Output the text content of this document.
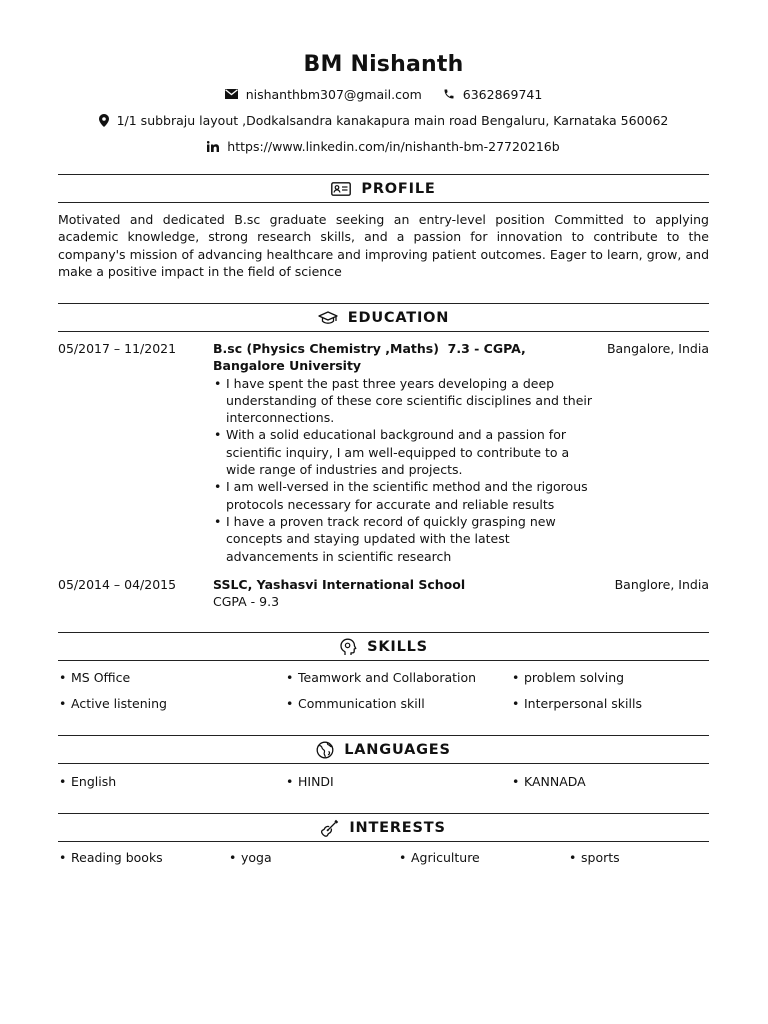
BM Nishanth
nishanthbm307@gmail.com	6362869741
1/1 subbraju layout ,Dodkalsandra kanakapura main road Bengaluru, Karnataka 560062
https://www.linkedin.com/in/nishanth-bm-27720216b
PROFILE
Motivated and dedicated B.sc graduate seeking an entry-level position Committed to applying academic knowledge, strong research skills, and a passion for innovation to contribute to the company's mission of advancing healthcare and improving patient outcomes. Eager to learn, grow, and make a positive impact in the field of science
EDUCATION
05/2017 – 11/2021	B.sc (Physics Chemistry ,Maths)  7.3 - CGPA,
Bangalore University
• I have spent the past three years developing a deep understanding of these core scientific disciplines and their interconnections.
• With a solid educational background and a passion for scientific inquiry, I am well-equipped to contribute to a wide range of industries and projects.
• I am well-versed in the scientific method and the rigorous protocols necessary for accurate and reliable results
• I have a proven track record of quickly grasping new concepts and staying updated with the latest advancements in scientific research
Bangalore, India
05/2014 – 04/2015	SSLC, Yashasvi International School
CGPA - 9.3
Banglore, India
SKILLS
• MS Office	• Teamwork and Collaboration	• problem solving
• Active listening	• Communication skill	• Interpersonal skills
LANGUAGES
• English	• HINDI	• KANNADA
INTERESTS
• Reading books	• yoga	• Agriculture	• sports
